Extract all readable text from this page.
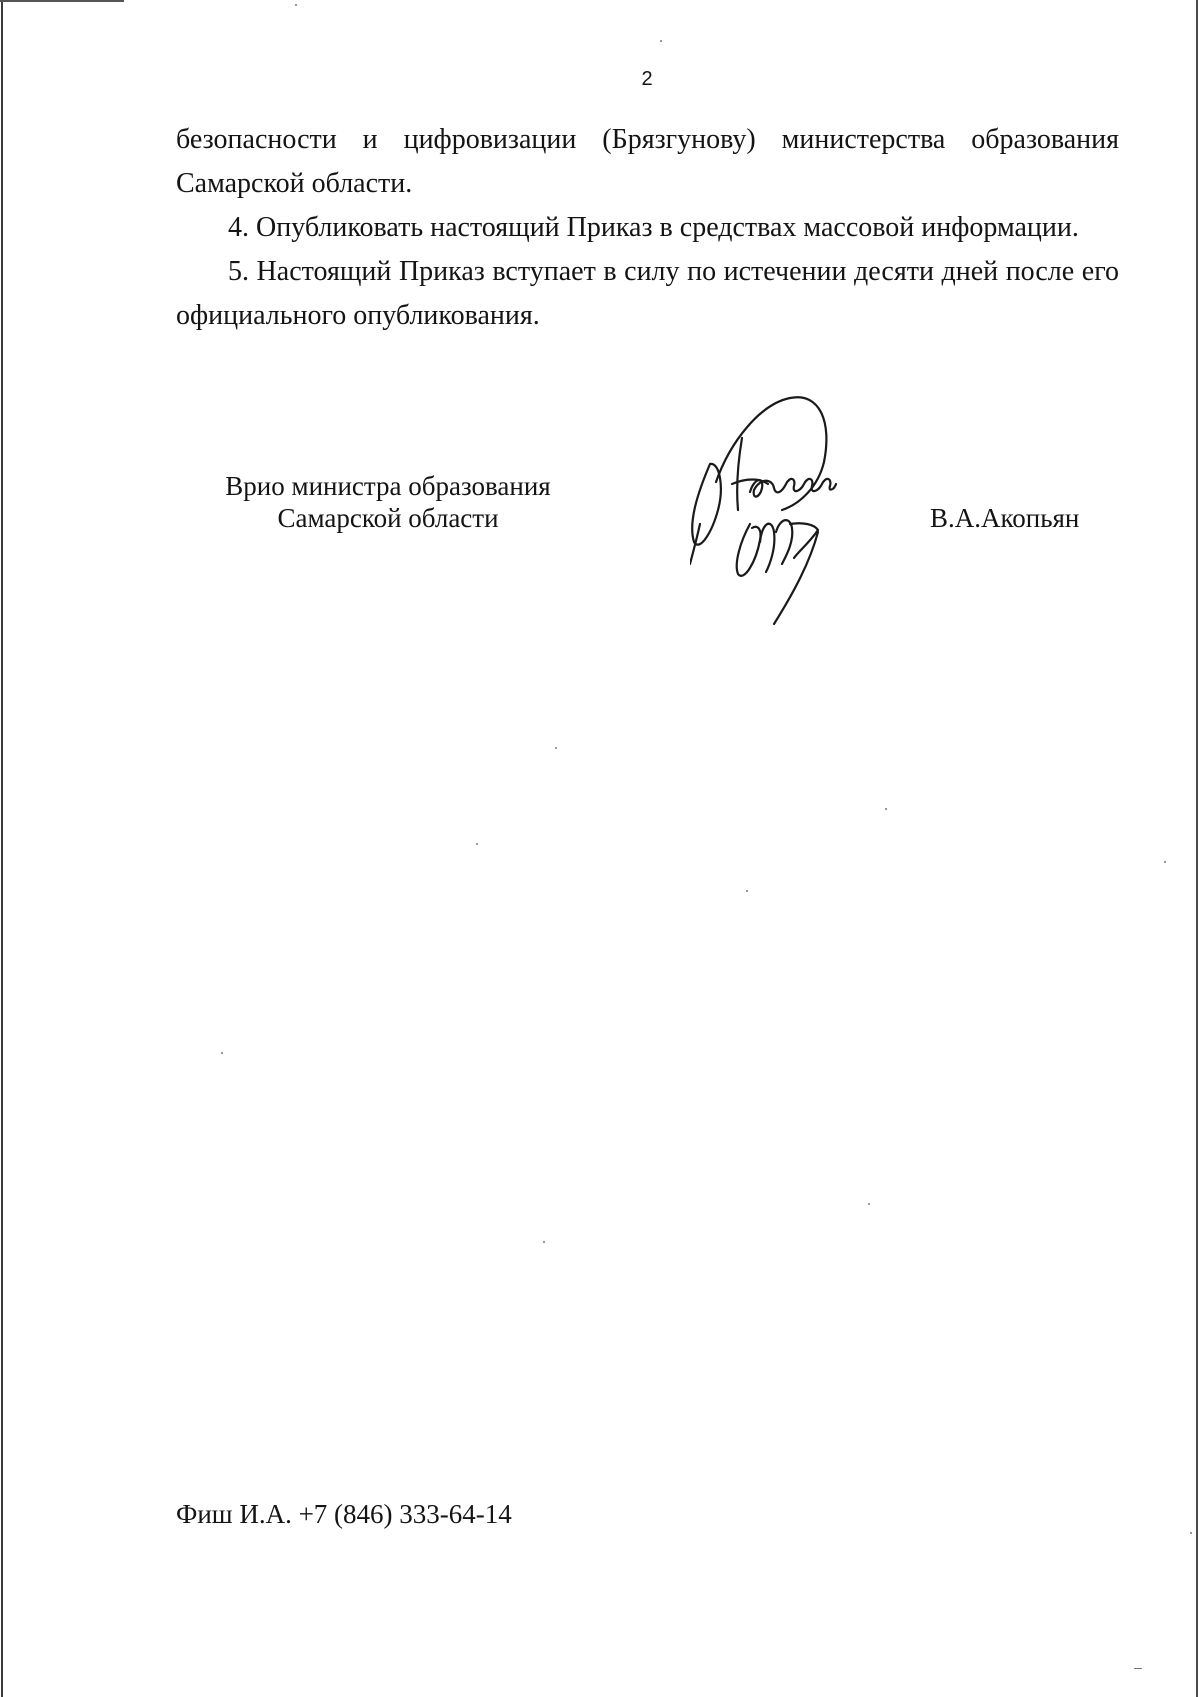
2
безопасности и цифровизации (Брязгунову) министерства образования
Самарской области.
4. Опубликовать настоящий Приказ в средствах массовой информации.
5. Настоящий Приказ вступает в силу по истечении десяти дней после его
официального опубликования.
Врио министра образования
Самарской области	В.А.Акопьян
Фиш И.А. +7 (846) 333-64-14
